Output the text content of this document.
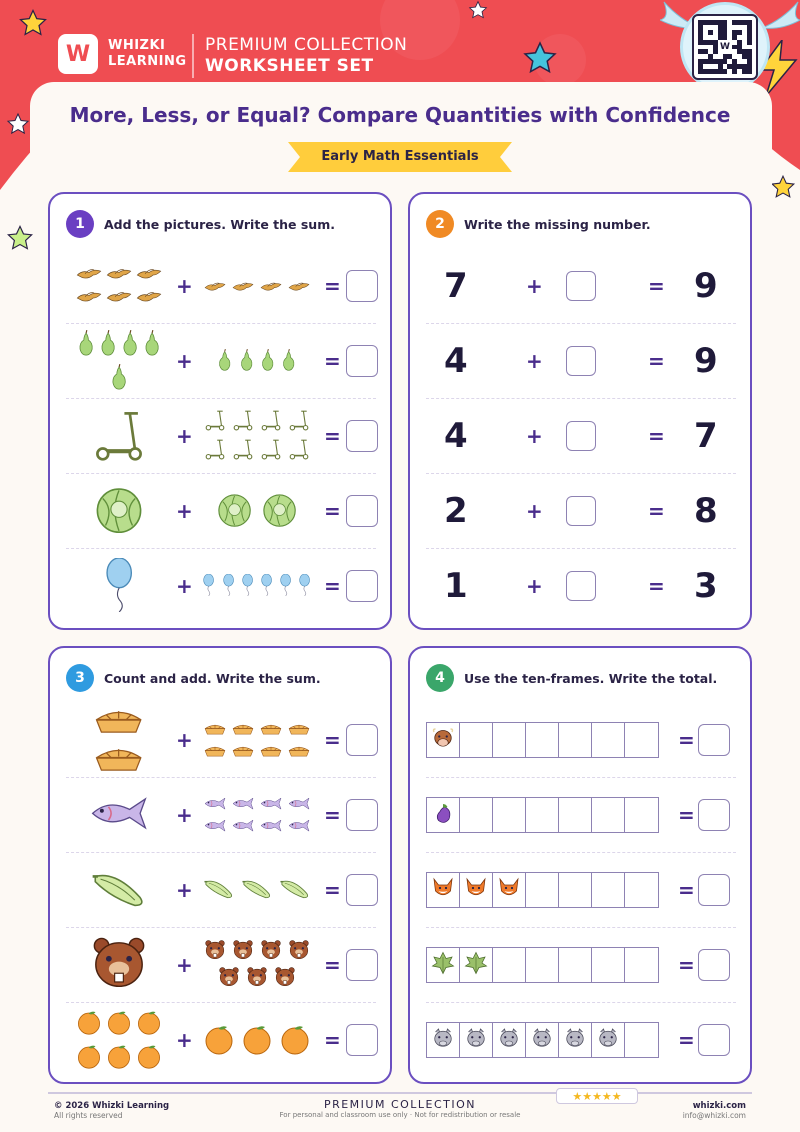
W WHIZKI
LEARNING
PREMIUM COLLECTION
WORKSHEET SET
W
More, Less, or Equal? Compare Quantities with Confidence
Early Math Essentials
1	Add the pictures. Write the sum.
+	=
+	=
+	=
+	=
+	=
2	Write the missing number.
7	+	= 9
4	+	= 9
4	+	= 7
2	+	= 8
1	+	= 3
3	Count and add. Write the sum.
+	=
+	=
+	=
+	=
+	=
4	Use the ten-frames. Write the total.
=
=
=
=
=
© 2026 Whizki Learning
All rights reserved
PREMIUM COLLECTION
For personal and classroom use only · Not for redistribution or resale
★★★★★
whizki.com
info@whizki.com
